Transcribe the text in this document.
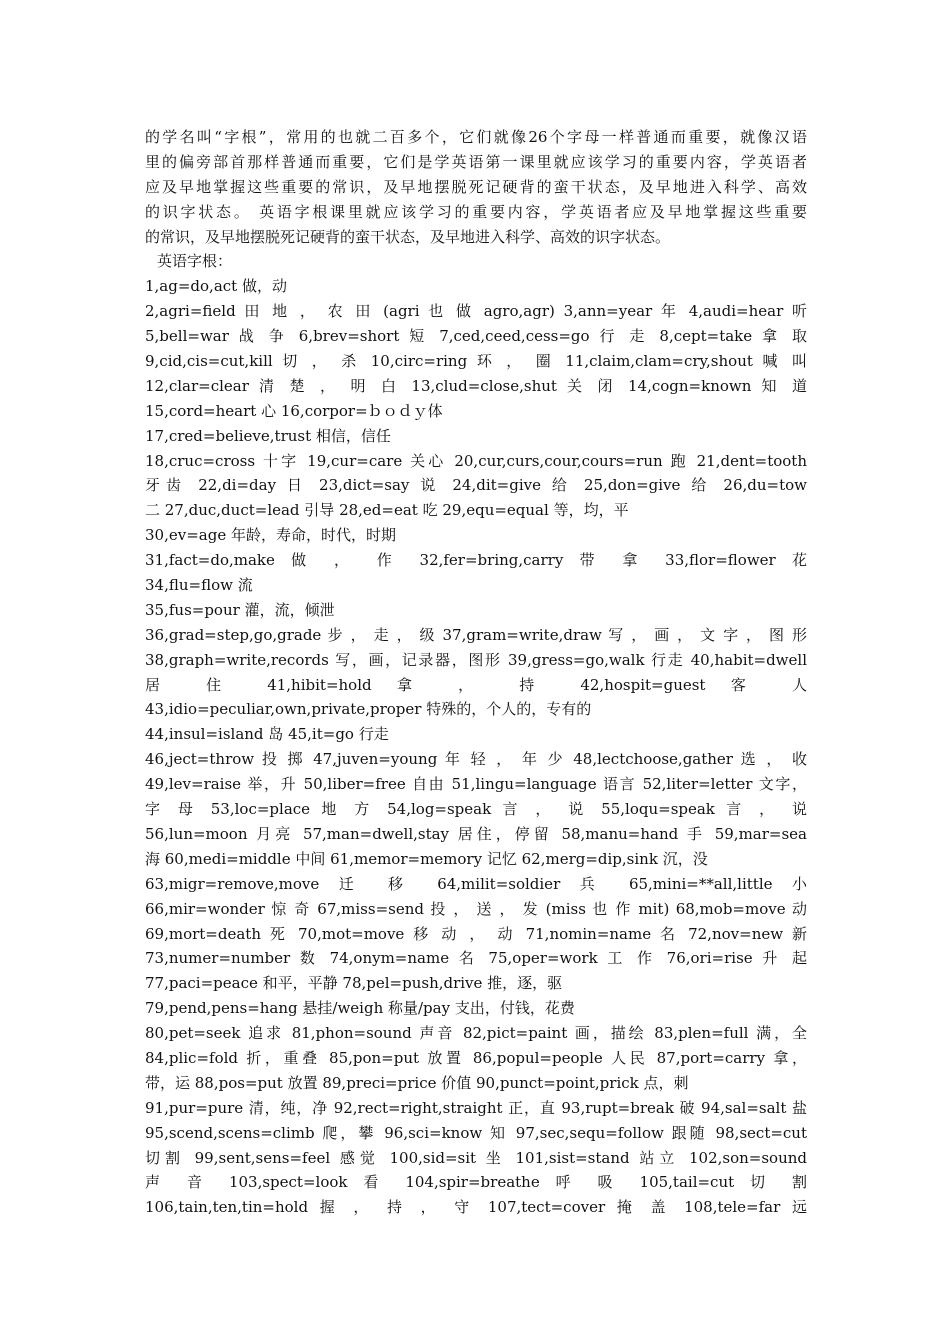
的学名叫“字根”，常用的也就二百多个，它们就像26个字母一样普通而重要，就像汉语
里的偏旁部首那样普通而重要，它们是学英语第一课里就应该学习的重要内容，学英语者
应及早地掌握这些重要的常识，及早地摆脱死记硬背的蛮干状态，及早地进入科学、高效
的识字状态。 英语字根课里就应该学习的重要内容，学英语者应及早地掌握这些重要
的常识，及早地摆脱死记硬背的蛮干状态，及早地进入科学、高效的识字状态。
英语字根：
1,ag=do,act 做，动
2,agri=field 田 地 ， 农 田 (agri 也 做 agro,agr) 3,ann=year 年 4,audi=hear 听
5,bell=war 战 争 6,brev=short 短 7,ced,ceed,cess=go 行 走 8,cept=take 拿 取
9,cid,cis=cut,kill 切 ， 杀 10,circ=ring 环 ， 圈 11,claim,clam=cry,shout 喊 叫
12,clar=clear 清 楚 ， 明 白 13,clud=close,shut 关 闭 14,cogn=known 知 道
15,cord=heart 心 16,corpor=ｂｏｄｙ体
17,cred=believe,trust 相信，信任
18,cruc=cross 十字 19,cur=care 关心 20,cur,curs,cour,cours=run 跑 21,dent=tooth
牙齿 22,di=day 日 23,dict=say 说 24,dit=give 给 25,don=give 给 26,du=tow
二 27,duc,duct=lead 引导 28,ed=eat 吃 29,equ=equal 等，均，平
30,ev=age 年龄，寿命，时代，时期
31,fact=do,make 做 ， 作 32,fer=bring,carry 带 拿 33,flor=flower 花
34,flu=flow 流
35,fus=pour 灌，流，倾泄
36,grad=step,go,grade 步 ， 走 ， 级 37,gram=write,draw 写 ， 画 ， 文 字 ， 图 形
38,graph=write,records 写，画，记录器，图形 39,gress=go,walk 行走 40,habit=dwell
居 住 41,hibit=hold 拿 ， 持 42,hospit=guest 客 人
43,idio=peculiar,own,private,proper 特殊的，个人的，专有的
44,insul=island 岛 45,it=go 行走
46,ject=throw 投 掷 47,juven=young 年 轻 ， 年 少 48,lectchoose,gather 选 ， 收
49,lev=raise 举，升 50,liber=free 自由 51,lingu=language 语言 52,liter=letter 文字，
字 母 53,loc=place 地 方 54,log=speak 言 ， 说 55,loqu=speak 言 ， 说
56,lun=moon 月亮 57,man=dwell,stay 居住，停留 58,manu=hand 手 59,mar=sea
海 60,medi=middle 中间 61,memor=memory 记忆 62,merg=dip,sink 沉，没
63,migr=remove,move 迁 移 64,milit=soldier 兵 65,mini=**all,little 小
66,mir=wonder 惊 奇 67,miss=send 投 ， 送 ， 发 (miss 也 作 mit) 68,mob=move 动
69,mort=death 死 70,mot=move 移 动 ， 动 71,nomin=name 名 72,nov=new 新
73,numer=number 数 74,onym=name 名 75,oper=work 工 作 76,ori=rise 升 起
77,paci=peace 和平，平静 78,pel=push,drive 推，逐，驱
79,pend,pens=hang 悬挂/weigh 称量/pay 支出，付钱，花费
80,pet=seek 追求 81,phon=sound 声音 82,pict=paint 画，描绘 83,plen=full 满，全
84,plic=fold 折，重叠 85,pon=put 放置 86,popul=people 人民 87,port=carry 拿，
带，运 88,pos=put 放置 89,preci=price 价值 90,punct=point,prick 点，刺
91,pur=pure 清，纯，净 92,rect=right,straight 正，直 93,rupt=break 破 94,sal=salt 盐
95,scend,scens=climb 爬，攀 96,sci=know 知 97,sec,sequ=follow 跟随 98,sect=cut
切割 99,sent,sens=feel 感觉 100,sid=sit 坐 101,sist=stand 站立 102,son=sound
声 音 103,spect=look 看 104,spir=breathe 呼 吸 105,tail=cut 切 割
106,tain,ten,tin=hold 握 ， 持 ， 守 107,tect=cover 掩 盖 108,tele=far 远
